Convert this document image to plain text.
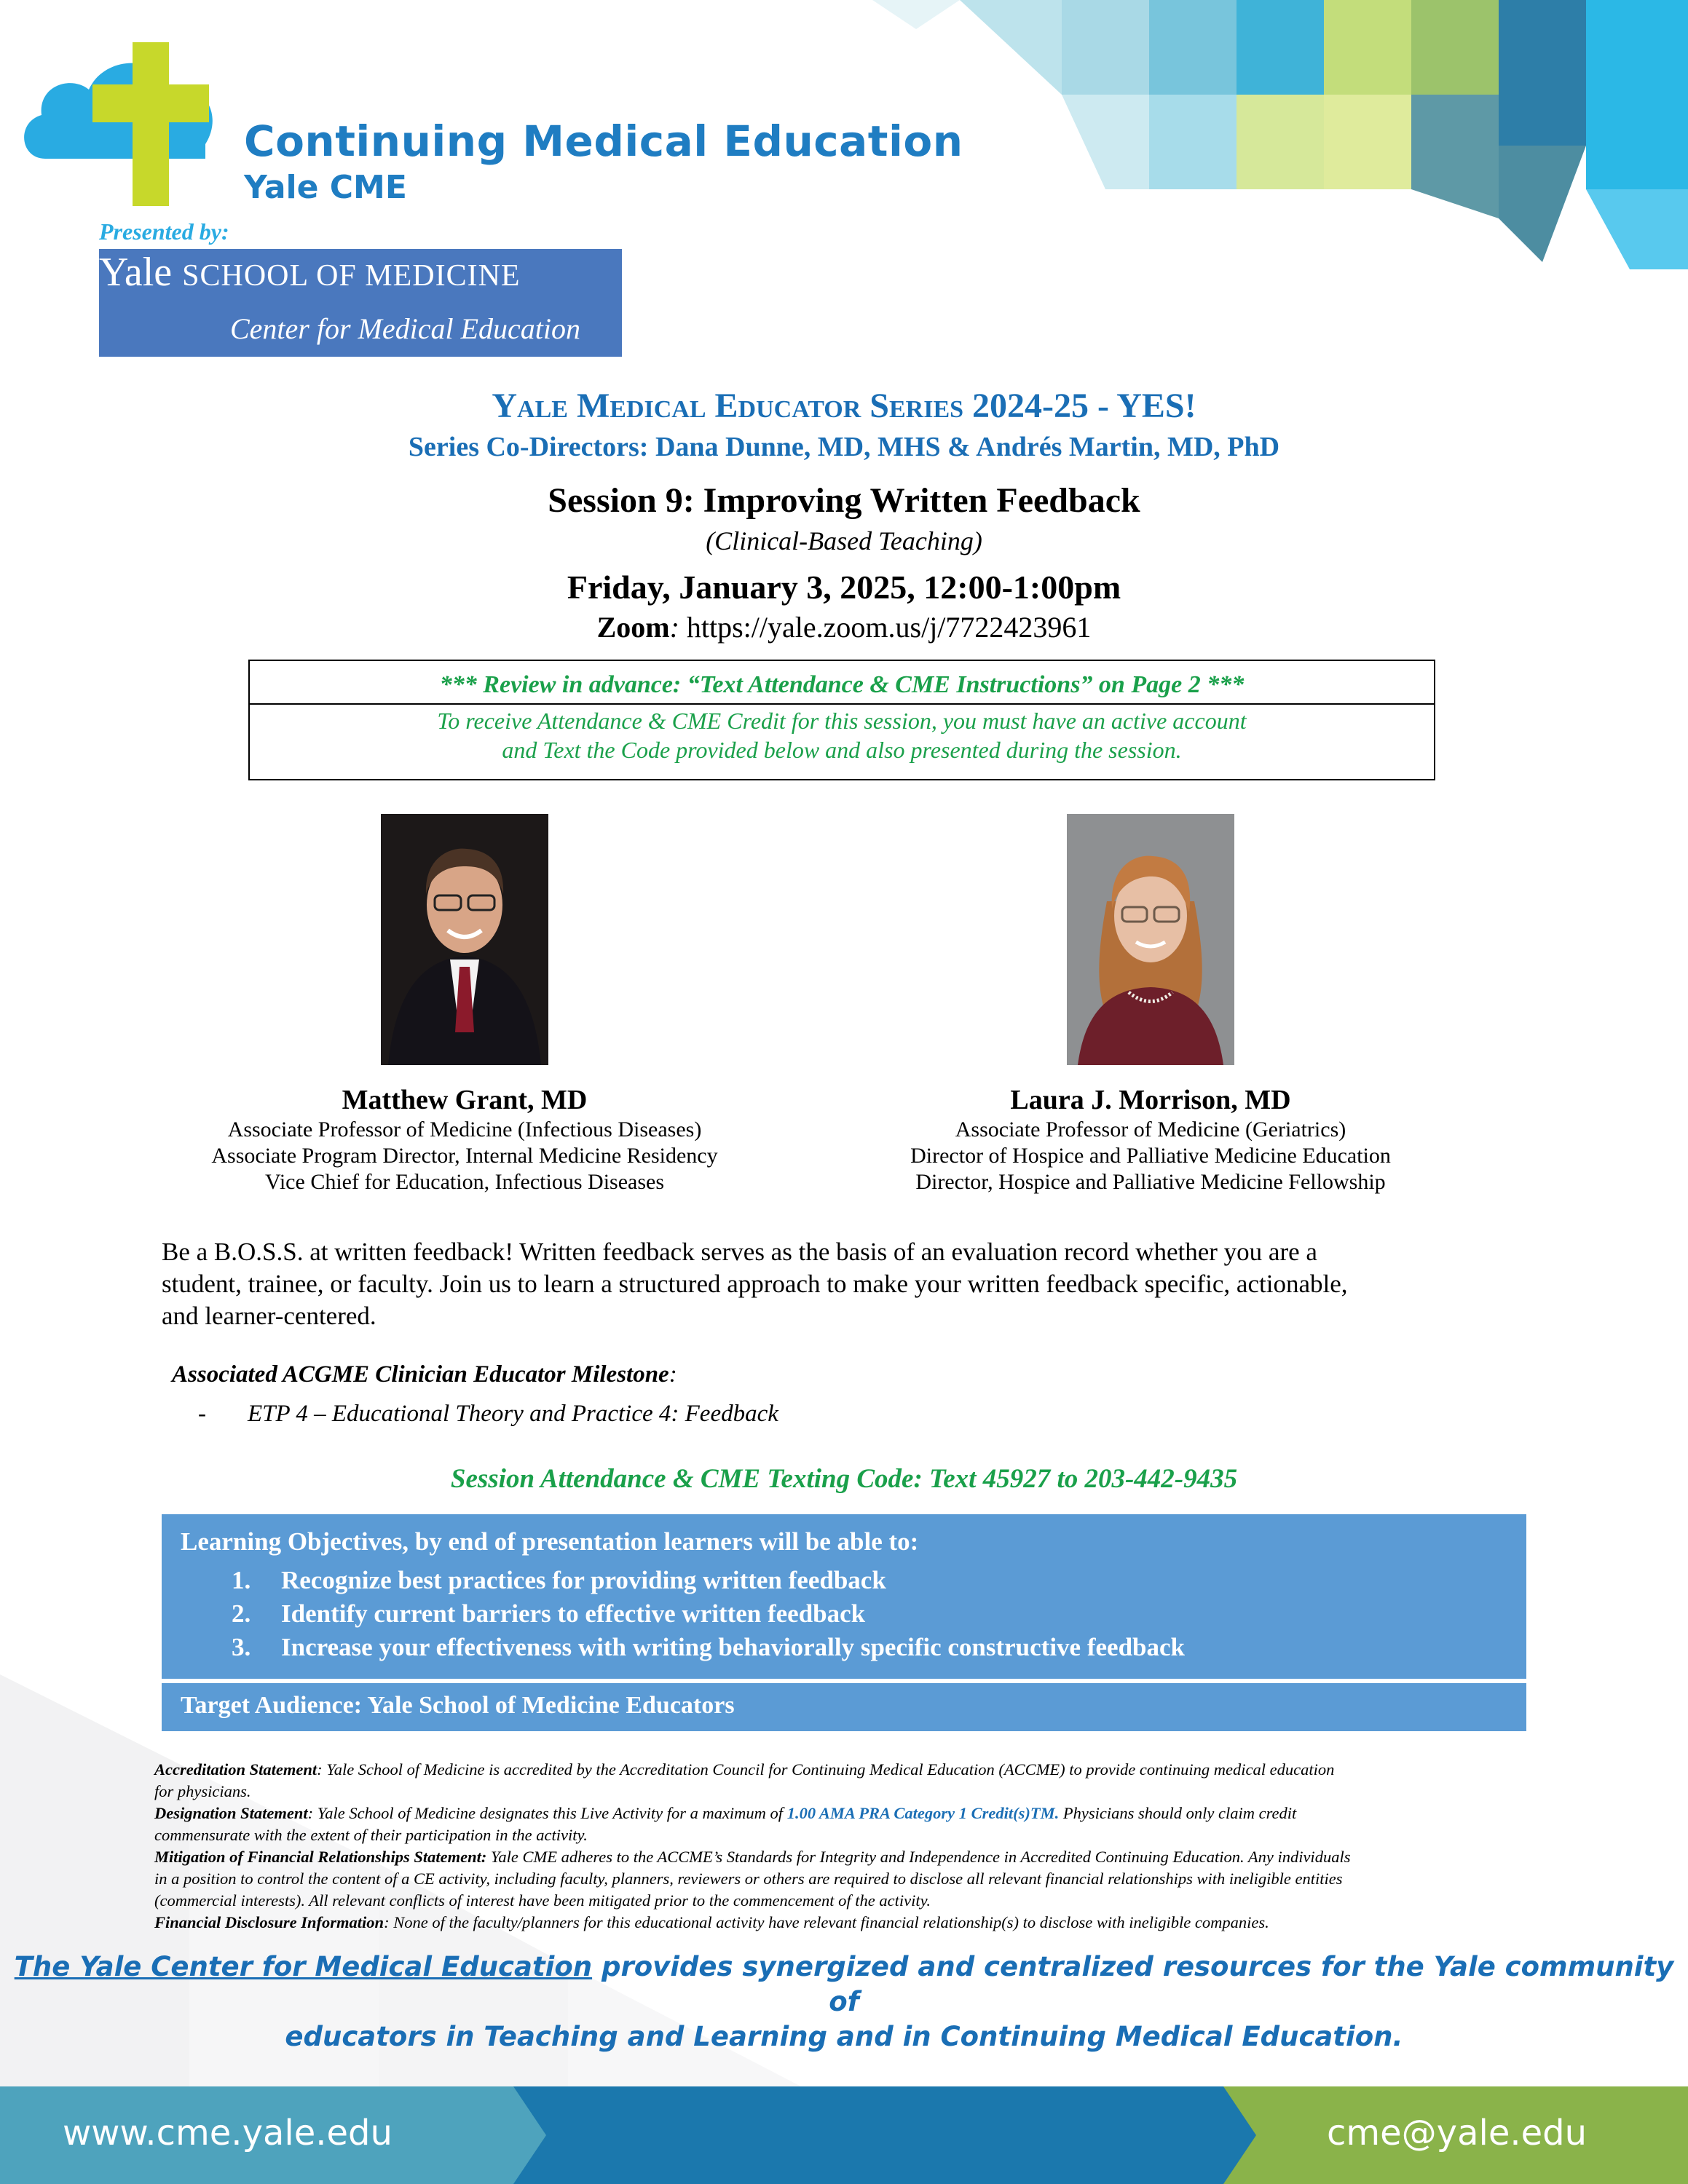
Continuing Medical Education
Yale CME
Presented by:
Yale SCHOOL OF MEDICINE
Center for Medical Education
Yale Medical Educator Series 2024-25 - YES!
Series Co-Directors: Dana Dunne, MD, MHS & Andrés Martin, MD, PhD
Session 9: Improving Written Feedback
(Clinical-Based Teaching)
Friday, January 3, 2025, 12:00-1:00pm
Zoom: https://yale.zoom.us/j/7722423961
*** Review in advance: “Text Attendance & CME Instructions” on Page 2 ***
To receive Attendance & CME Credit for this session, you must have an active account
and Text the Code provided below and also presented during the session.
Matthew Grant, MD
Associate Professor of Medicine (Infectious Diseases)
Associate Program Director, Internal Medicine Residency
Vice Chief for Education, Infectious Diseases
Laura J. Morrison, MD
Associate Professor of Medicine (Geriatrics)
Director of Hospice and Palliative Medicine Education
Director, Hospice and Palliative Medicine Fellowship
Be a B.O.S.S. at written feedback! Written feedback serves as the basis of an evaluation record whether you are a
student, trainee, or faculty. Join us to learn a structured approach to make your written feedback specific, actionable,
and learner-centered.
Associated ACGME Clinician Educator Milestone:
- ETP 4 – Educational Theory and Practice 4: Feedback
Session Attendance & CME Texting Code: Text 45927 to 203-442-9435
Learning Objectives, by end of presentation learners will be able to:
1. Recognize best practices for providing written feedback
2. Identify current barriers to effective written feedback
3. Increase your effectiveness with writing behaviorally specific constructive feedback
Target Audience: Yale School of Medicine Educators
Accreditation Statement: Yale School of Medicine is accredited by the Accreditation Council for Continuing Medical Education (ACCME) to provide continuing medical education
for physicians.
Designation Statement: Yale School of Medicine designates this Live Activity for a maximum of 1.00 AMA PRA Category 1 Credit(s)TM. Physicians should only claim credit
commensurate with the extent of their participation in the activity.
Mitigation of Financial Relationships Statement: Yale CME adheres to the ACCME’s Standards for Integrity and Independence in Accredited Continuing Education. Any individuals
in a position to control the content of a CE activity, including faculty, planners, reviewers or others are required to disclose all relevant financial relationships with ineligible entities
(commercial interests). All relevant conflicts of interest have been mitigated prior to the commencement of the activity.
Financial Disclosure Information: None of the faculty/planners for this educational activity have relevant financial relationship(s) to disclose with ineligible companies.
The Yale Center for Medical Education provides synergized and centralized resources for the Yale community of
educators in Teaching and Learning and in Continuing Medical Education.
www.cme.yale.edu	cme@yale.edu
